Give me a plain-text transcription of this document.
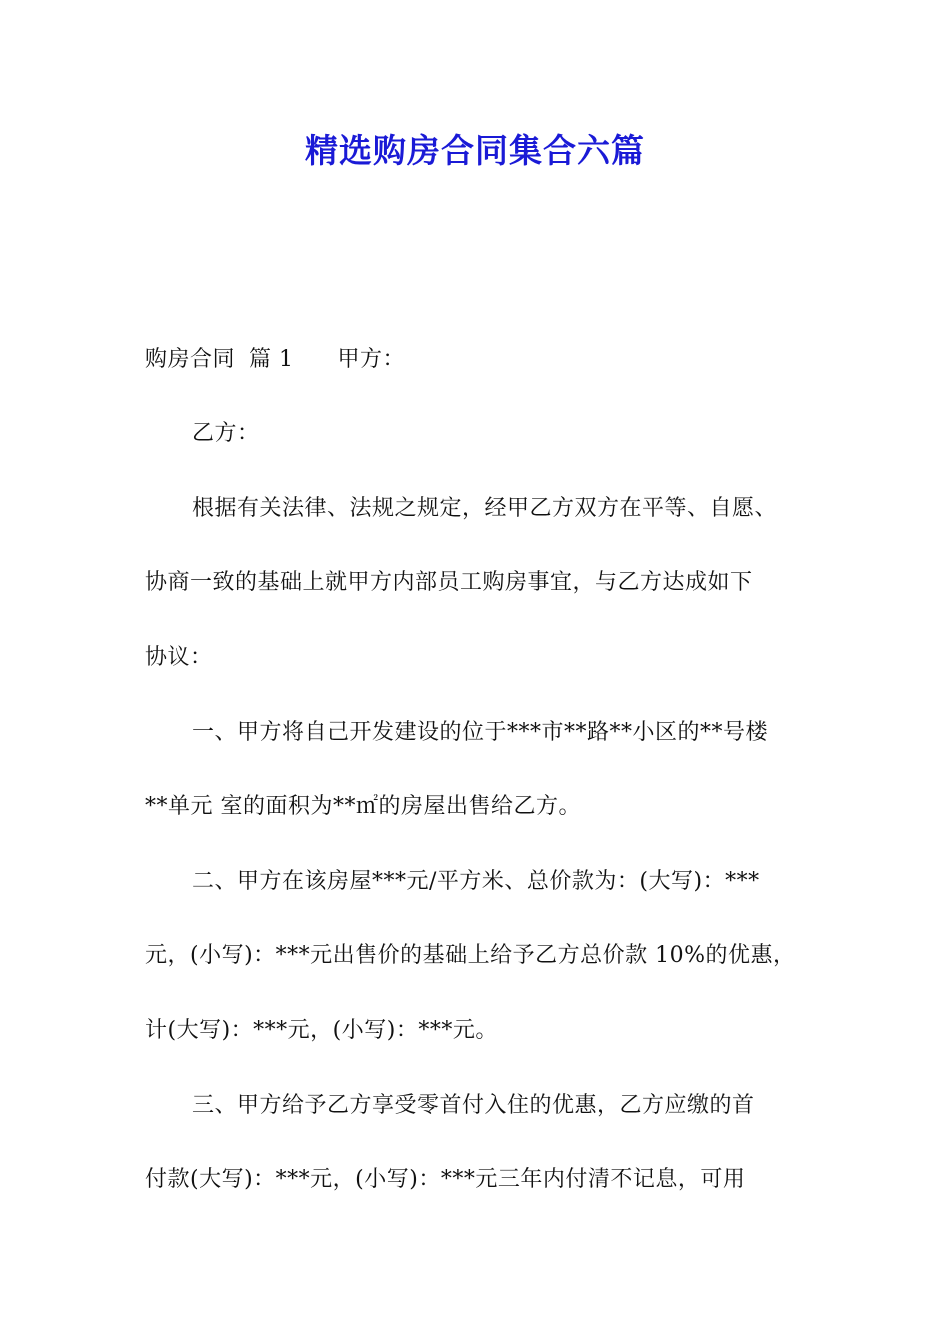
精选购房合同集合六篇
购房合同 篇 1 甲方：
乙方：
根据有关法律、法规之规定，经甲乙方双方在平等、自愿、
协商一致的基础上就甲方内部员工购房事宜，与乙方达成如下
协议：
一、甲方将自己开发建设的位于***市**路**小区的**号楼
**单元 室的面积为**㎡的房屋出售给乙方。
二、甲方在该房屋***元/平方米、总价款为：(大写)：***
元，(小写)：***元出售价的基础上给予乙方总价款 10%的优惠，
计(大写)：***元，(小写)：***元。
三、甲方给予乙方享受零首付入住的优惠，乙方应缴的首
付款(大写)：***元，(小写)：***元三年内付清不记息，可用
